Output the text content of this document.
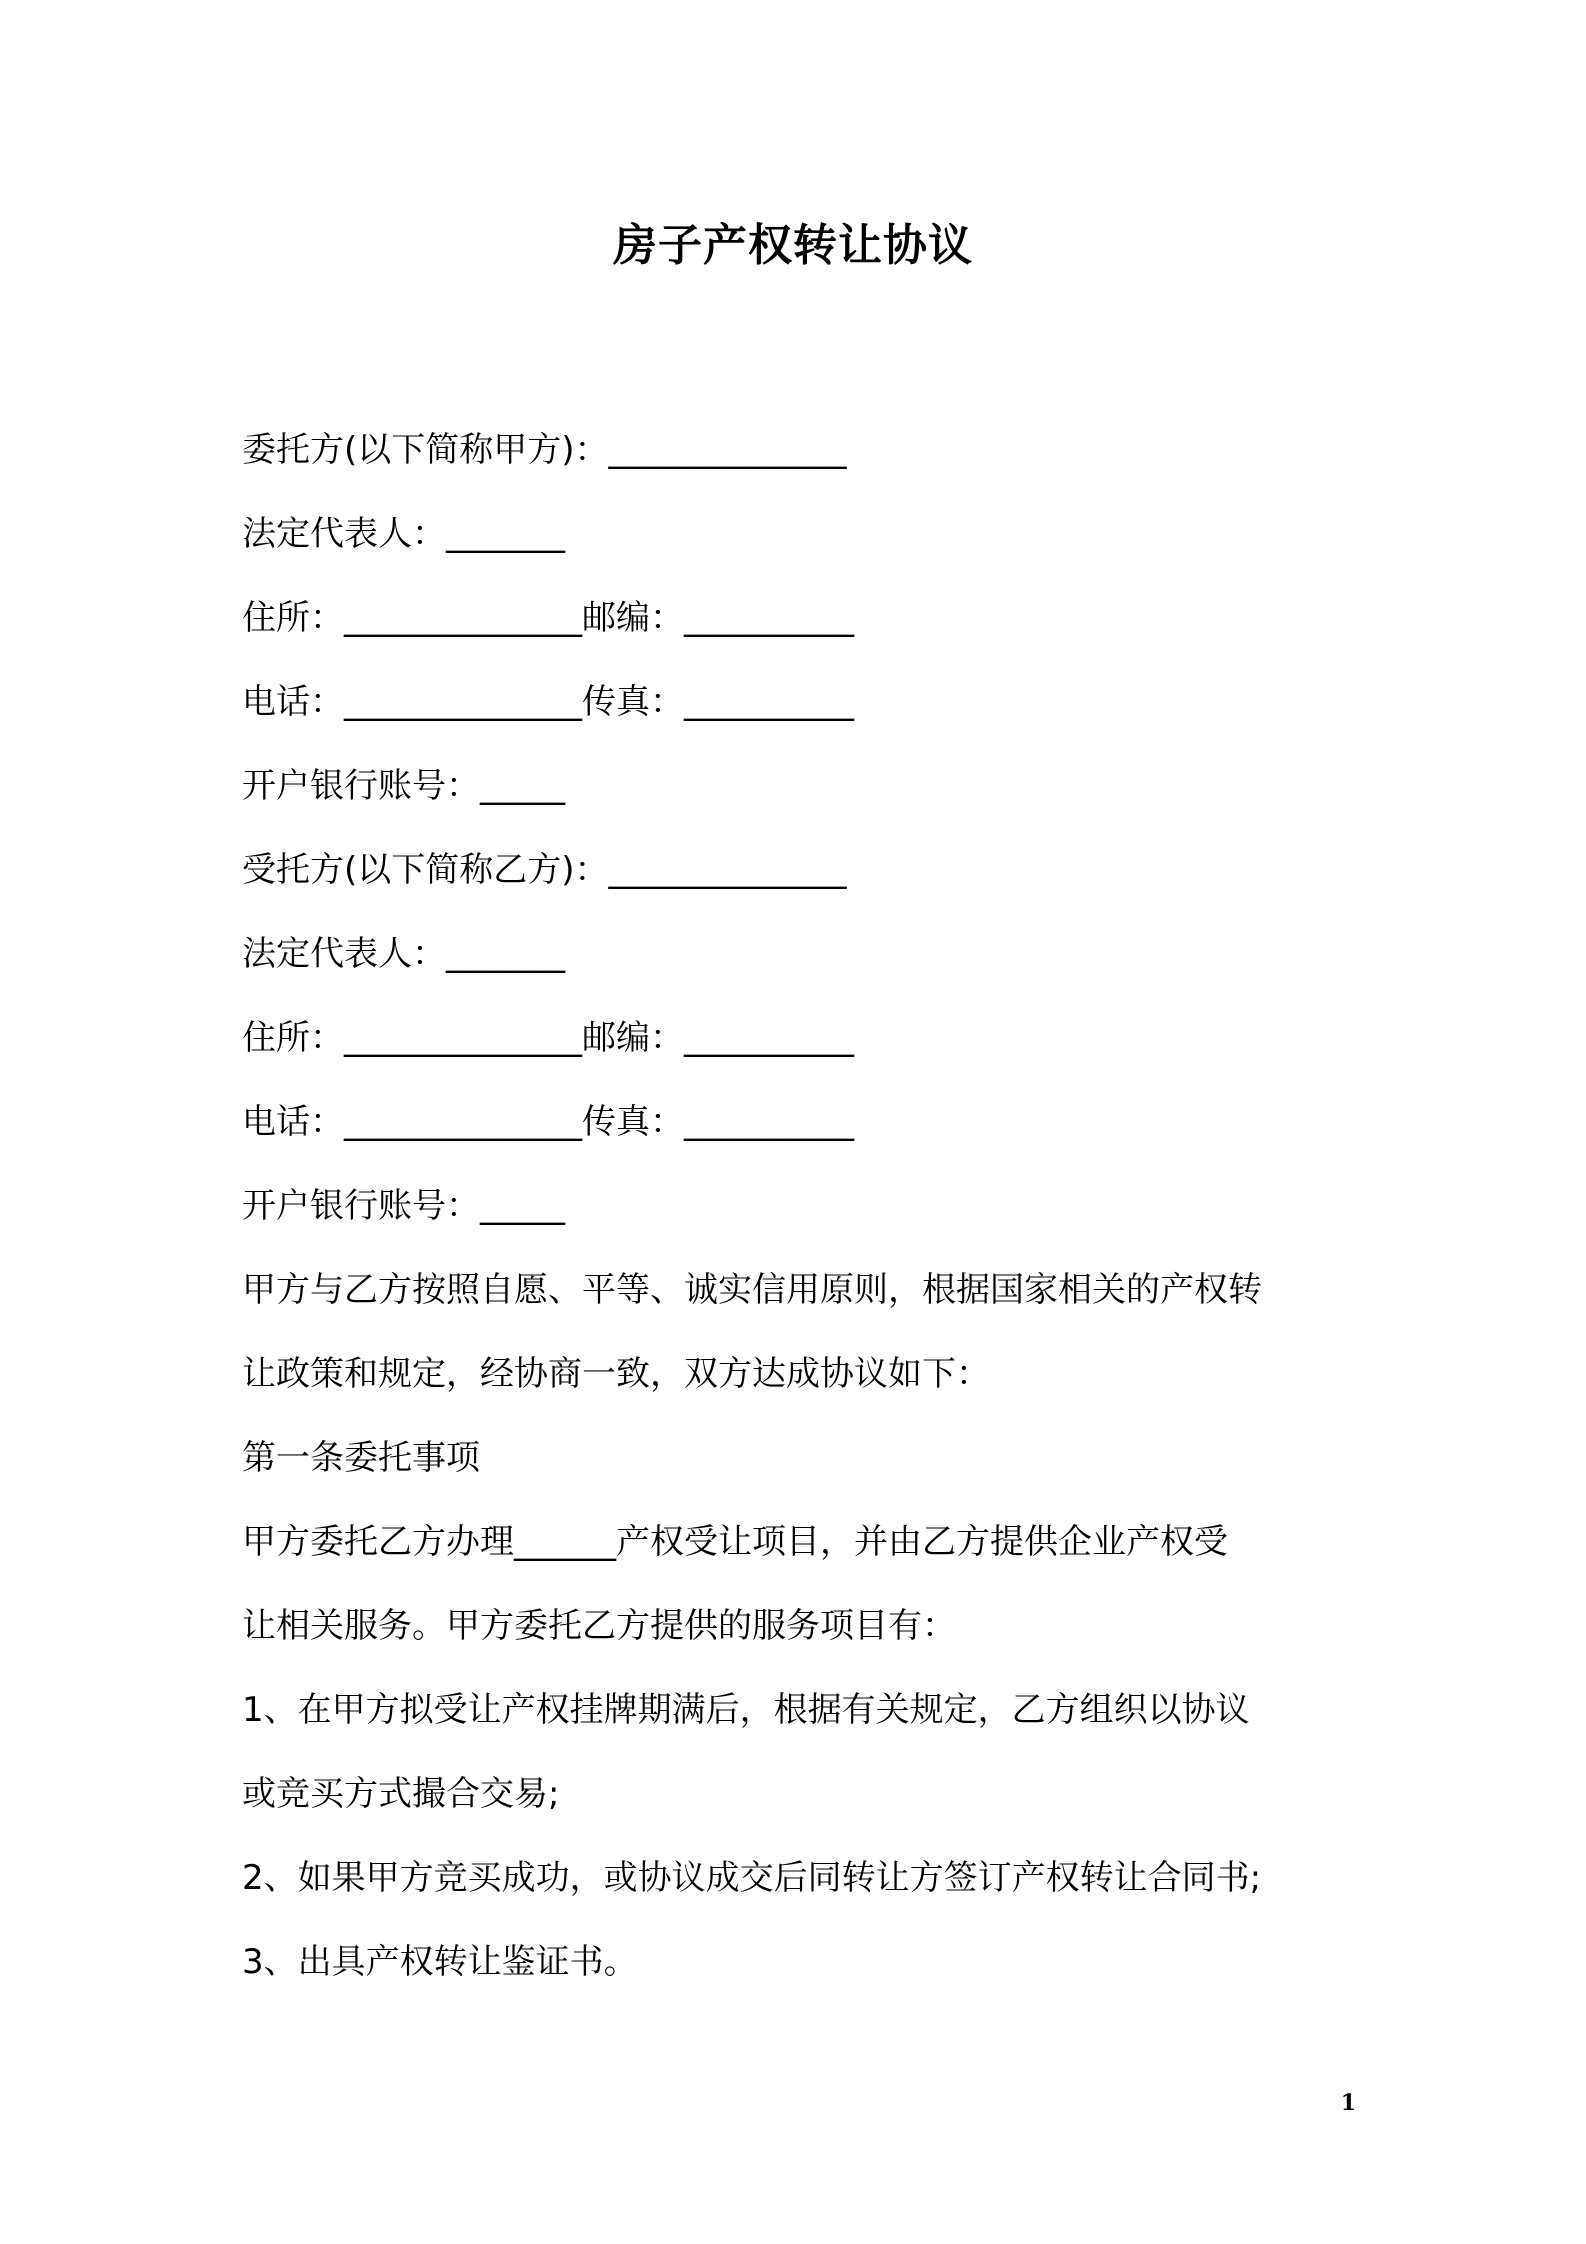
房子产权转让协议
委托方(以下简称甲方)：______________
法定代表人：_______
住所：______________邮编：__________
电话：______________传真：__________
开户银行账号：_____
受托方(以下简称乙方)：______________
法定代表人：_______
住所：______________邮编：__________
电话：______________传真：__________
开户银行账号：_____
甲方与乙方按照自愿、平等、诚实信用原则，根据国家相关的产权转
让政策和规定，经协商一致，双方达成协议如下：
第一条委托事项
甲方委托乙方办理______产权受让项目，并由乙方提供企业产权受
让相关服务。甲方委托乙方提供的服务项目有：
1、在甲方拟受让产权挂牌期满后，根据有关规定，乙方组织以协议
或竞买方式撮合交易;
2、如果甲方竞买成功，或协议成交后同转让方签订产权转让合同书;
3、出具产权转让鉴证书。
1
